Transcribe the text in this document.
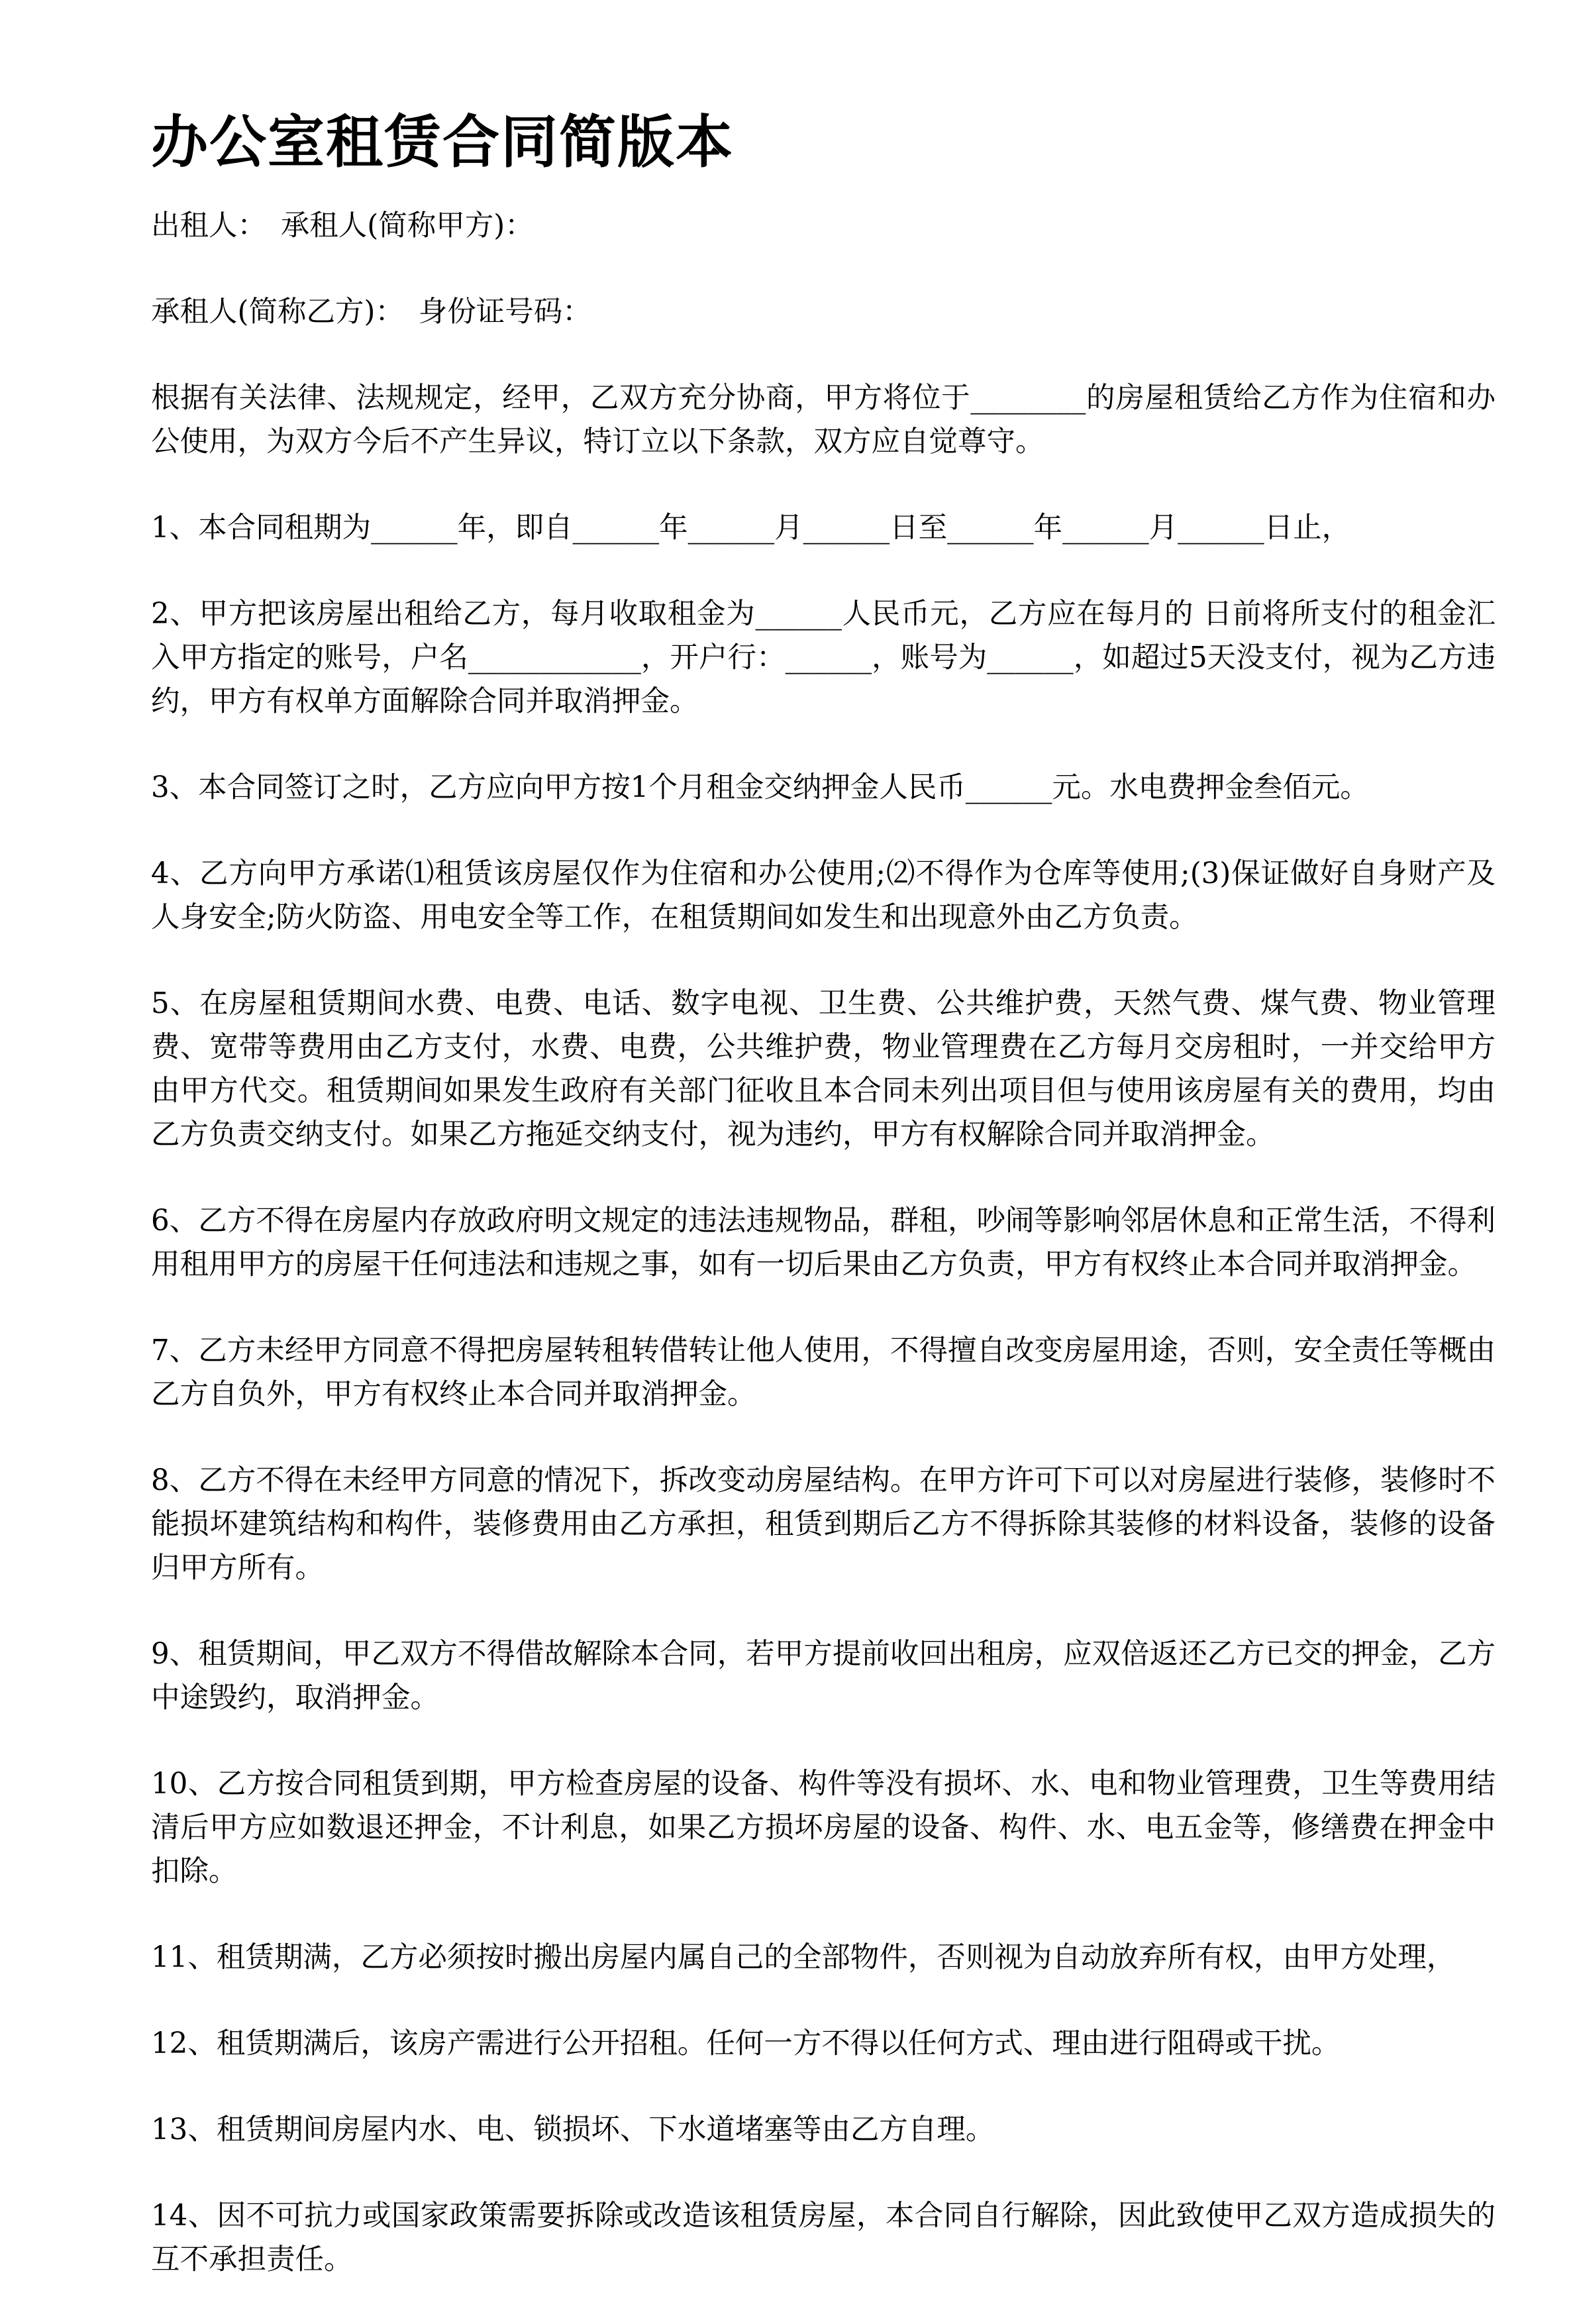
办公室租赁合同简版本

出租人：　承租人(简称甲方)：

承租人(简称乙方)：　身份证号码：

根据有关法律、法规规定，经甲，乙双方充分协商，甲方将位于________的房屋租赁给乙方作为住宿和办公使用，为双方今后不产生异议，特订立以下条款，双方应自觉尊守。

1、本合同租期为______年，即自______年______月______日至______年______月______日止，

2、甲方把该房屋出租给乙方，每月收取租金为______人民币元，乙方应在每月的 日前将所支付的租金汇入甲方指定的账号，户名____________，开户行：______，账号为______，如超过5天没支付，视为乙方违约，甲方有权单方面解除合同并取消押金。

3、本合同签订之时，乙方应向甲方按1个月租金交纳押金人民币______元。水电费押金叁佰元。

4、乙方向甲方承诺⑴租赁该房屋仅作为住宿和办公使用;⑵不得作为仓库等使用;(3)保证做好自身财产及人身安全;防火防盗、用电安全等工作，在租赁期间如发生和出现意外由乙方负责。

5、在房屋租赁期间水费、电费、电话、数字电视、卫生费、公共维护费，天然气费、煤气费、物业管理费、宽带等费用由乙方支付，水费、电费，公共维护费，物业管理费在乙方每月交房租时，一并交给甲方由甲方代交。租赁期间如果发生政府有关部门征收且本合同未列出项目但与使用该房屋有关的费用，均由乙方负责交纳支付。如果乙方拖延交纳支付，视为违约，甲方有权解除合同并取消押金。

6、乙方不得在房屋内存放政府明文规定的违法违规物品，群租，吵闹等影响邻居休息和正常生活，不得利用租用甲方的房屋干任何违法和违规之事，如有一切后果由乙方负责，甲方有权终止本合同并取消押金。

7、乙方未经甲方同意不得把房屋转租转借转让他人使用，不得擅自改变房屋用途，否则，安全责任等概由乙方自负外，甲方有权终止本合同并取消押金。

8、乙方不得在未经甲方同意的情况下，拆改变动房屋结构。在甲方许可下可以对房屋进行装修，装修时不能损坏建筑结构和构件，装修费用由乙方承担，租赁到期后乙方不得拆除其装修的材料设备，装修的设备归甲方所有。

9、租赁期间，甲乙双方不得借故解除本合同，若甲方提前收回出租房，应双倍返还乙方已交的押金，乙方中途毁约，取消押金。

10、乙方按合同租赁到期，甲方检查房屋的设备、构件等没有损坏、水、电和物业管理费，卫生等费用结清后甲方应如数退还押金，不计利息，如果乙方损坏房屋的设备、构件、水、电五金等，修缮费在押金中扣除。

11、租赁期满，乙方必须按时搬出房屋内属自己的全部物件，否则视为自动放弃所有权，由甲方处理，

12、租赁期满后，该房产需进行公开招租。任何一方不得以任何方式、理由进行阻碍或干扰。

13、租赁期间房屋内水、电、锁损坏、下水道堵塞等由乙方自理。

14、因不可抗力或国家政策需要拆除或改造该租赁房屋，本合同自行解除，因此致使甲乙双方造成损失的互不承担责任。
